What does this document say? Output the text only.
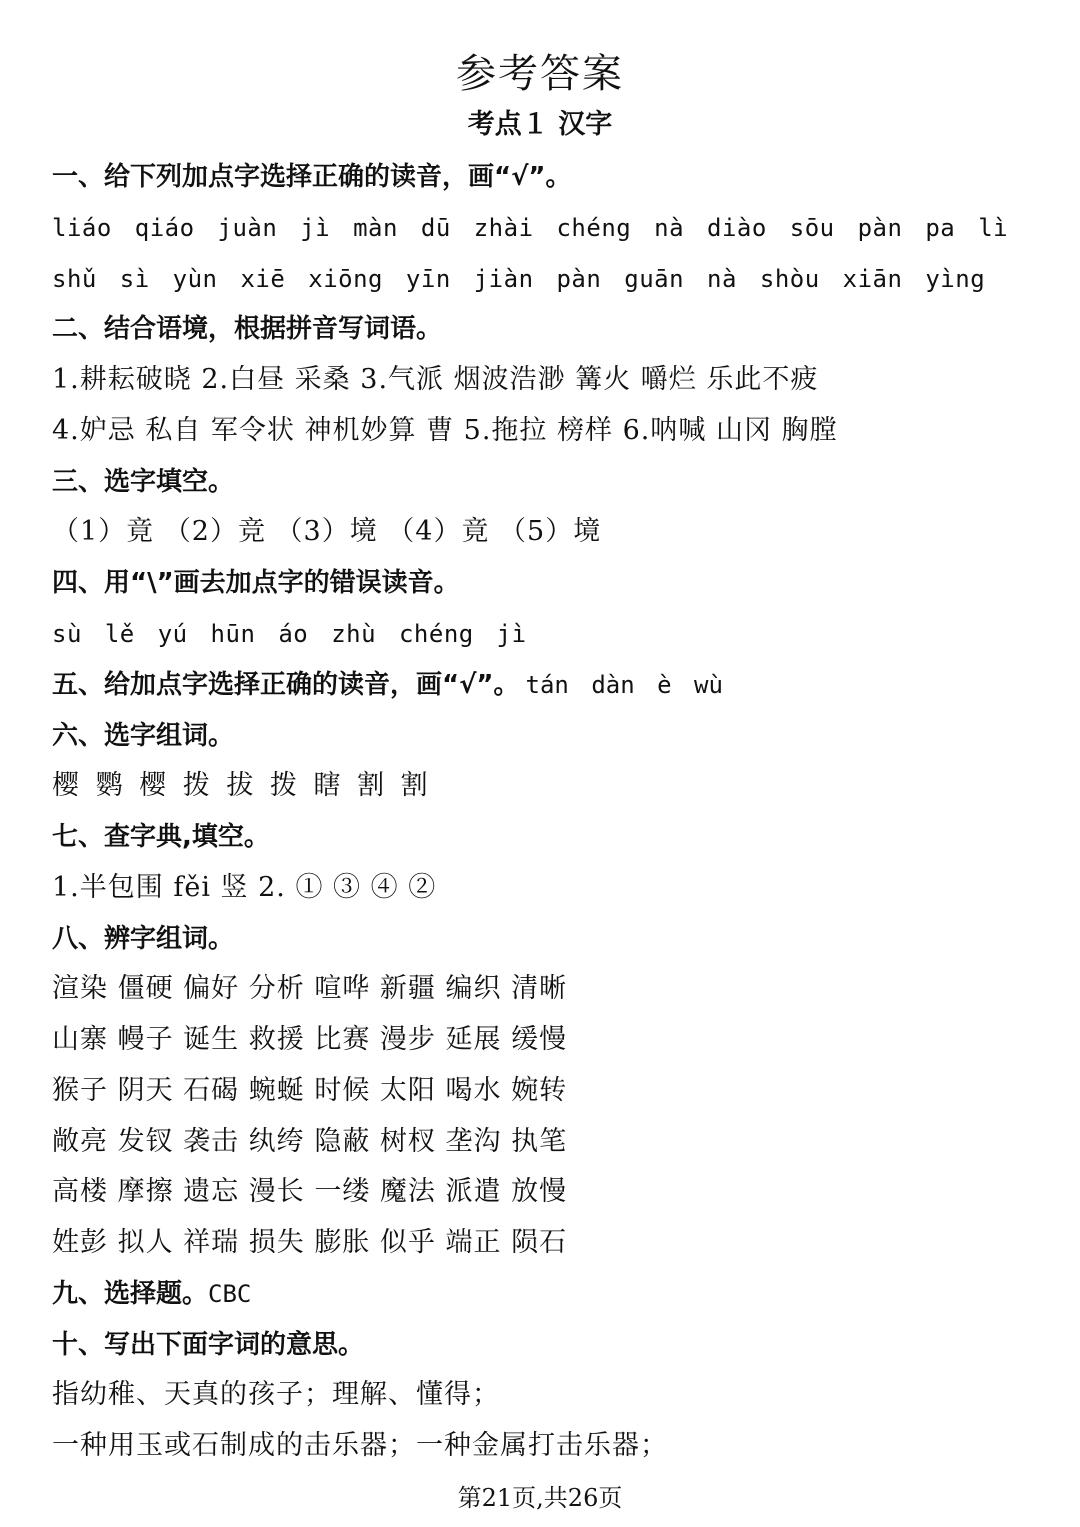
参考答案
考点１ 汉字
一、给下列加点字选择正确的读音，画“√”。
liáo qiáo juàn jì màn dū zhài chéng nà diào sōu pàn pa lì
shǔ sì yùn xiē xiōng yīn jiàn pàn guān nà shòu xiān yìng
二、结合语境，根据拼音写词语。
1.耕耘破晓 2.白昼 采桑 3.气派 烟波浩渺 篝火 嚼烂 乐此不疲
4.妒忌 私自 军令状 神机妙算 曹 5.拖拉 榜样 6.呐喊 山冈 胸膛
三、选字填空。
（1）竟 （2）竞 （3）境 （4）竟 （5）境
四、用“\”画去加点字的错误读音。
sù lě yú hūn áo zhù chéng jì
五、给加点字选择正确的读音，画“√”。 tán dàn è wù
六、选字组词。
樱 鹦 樱 拨 拔 拨 瞎 割 割
七、查字典,填空。
1.半包围 fěi 竖 2. ① ③ ④ ②
八、辨字组词。
渲染 僵硬 偏好 分析 喧哗 新疆 编织 清晰
山寨 幔子 诞生 救援 比赛 漫步 延展 缓慢
猴子 阴天 石碣 蜿蜒 时候 太阳 喝水 婉转
敞亮 发钗 袭击 纨绔 隐蔽 树杈 垄沟 执笔
高楼 摩擦 遗忘 漫长 一缕 魔法 派遣 放慢
姓彭 拟人 祥瑞 损失 膨胀 似乎 端正 陨石
九、选择题。CBC
十、写出下面字词的意思。
指幼稚、天真的孩子；理解、懂得；
一种用玉或石制成的击乐器；一种金属打击乐器；
第21页,共26页
